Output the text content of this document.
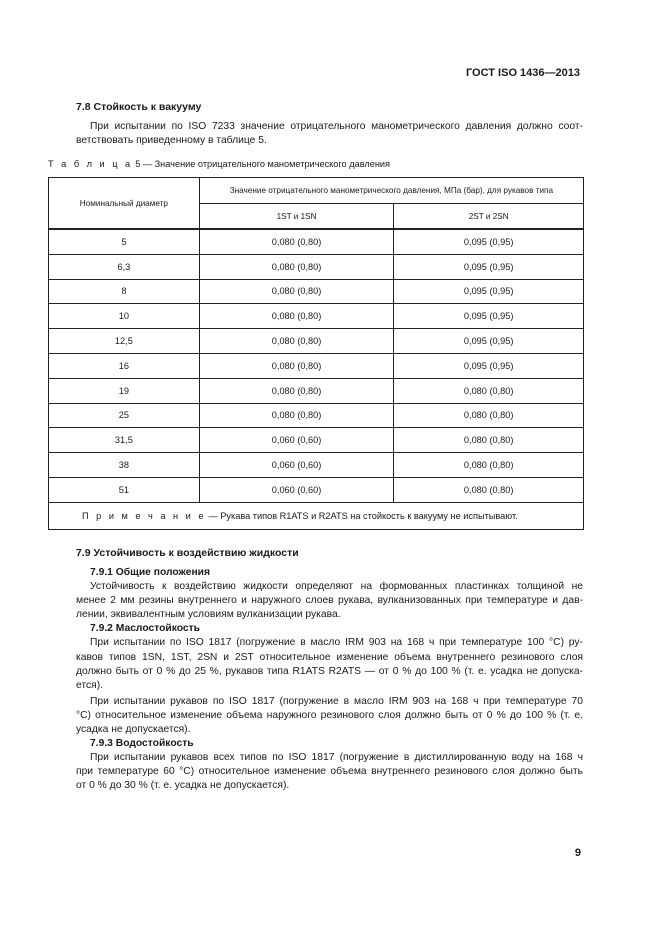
ГОСТ ISO 1436—2013
7.8 Стойкость к вакууму
При испытании по ISO 7233 значение отрицательного манометрического давления должно соот-
ветствовать приведенному в таблице 5.
Т а б л и ц а 5 — Значение отрицательного манометрического давления
Номинальный диаметр	Значение отрицательного манометрического давления, МПа (бар), для рукавов типа	
	1ST и 1SN	2ST и 2SN
5	0,080 (0,80)	0,095 (0,95)
6,3	0,080 (0,80)	0,095 (0,95)
8	0,080 (0,80)	0,095 (0,95)
10	0,080 (0,80)	0,095 (0,95)
12,5	0,080 (0,80)	0,095 (0,95)
16	0,080 (0,80)	0,095 (0,95)
19	0,080 (0,80)	0,080 (0,80)
25	0,080 (0,80)	0,080 (0,80)
31,5	0,060 (0,60)	0,080 (0,80)
38	0,060 (0,60)	0,080 (0,80)
51	0,060 (0,60)	0,080 (0,80)
П р и м е ч а н и е — Рукава типов R1ATS и R2ATS на стойкость к вакууму не испытывают.		
7.9 Устойчивость к воздействию жидкости
7.9.1 Общие положения
Устойчивость к воздействию жидкости определяют на формованных пластинках толщиной не
менее 2 мм резины внутреннего и наружного слоев рукава, вулканизованных при температуре и дав-
лении, эквивалентным условиям вулканизации рукава.
7.9.2 Маслостойкость
При испытании по ISO 1817 (погружение в масло IRM 903 на 168 ч при температуре 100 °С) ру-
кавов типов 1SN, 1ST, 2SN и 2ST относительное изменение объема внутреннего резинового слоя
должно быть от 0 % до 25 %, рукавов типа R1ATS R2ATS — от 0 % до 100 % (т. е. усадка не допуска-
ется).
При испытании рукавов по ISO 1817 (погружение в масло IRM 903 на 168 ч при температуре 70
°С) относительное изменение объема наружного резинового слоя должно быть от 0 % до 100 % (т. е.
усадка не допускается).
7.9.3 Водостойкость
При испытании рукавов всех типов по ISO 1817 (погружение в дистиллированную воду на 168 ч
при температуре 60 °С) относительное изменение объема внутреннего резинового слоя должно быть
от 0 % до 30 % (т. е. усадка не допускается).
9
